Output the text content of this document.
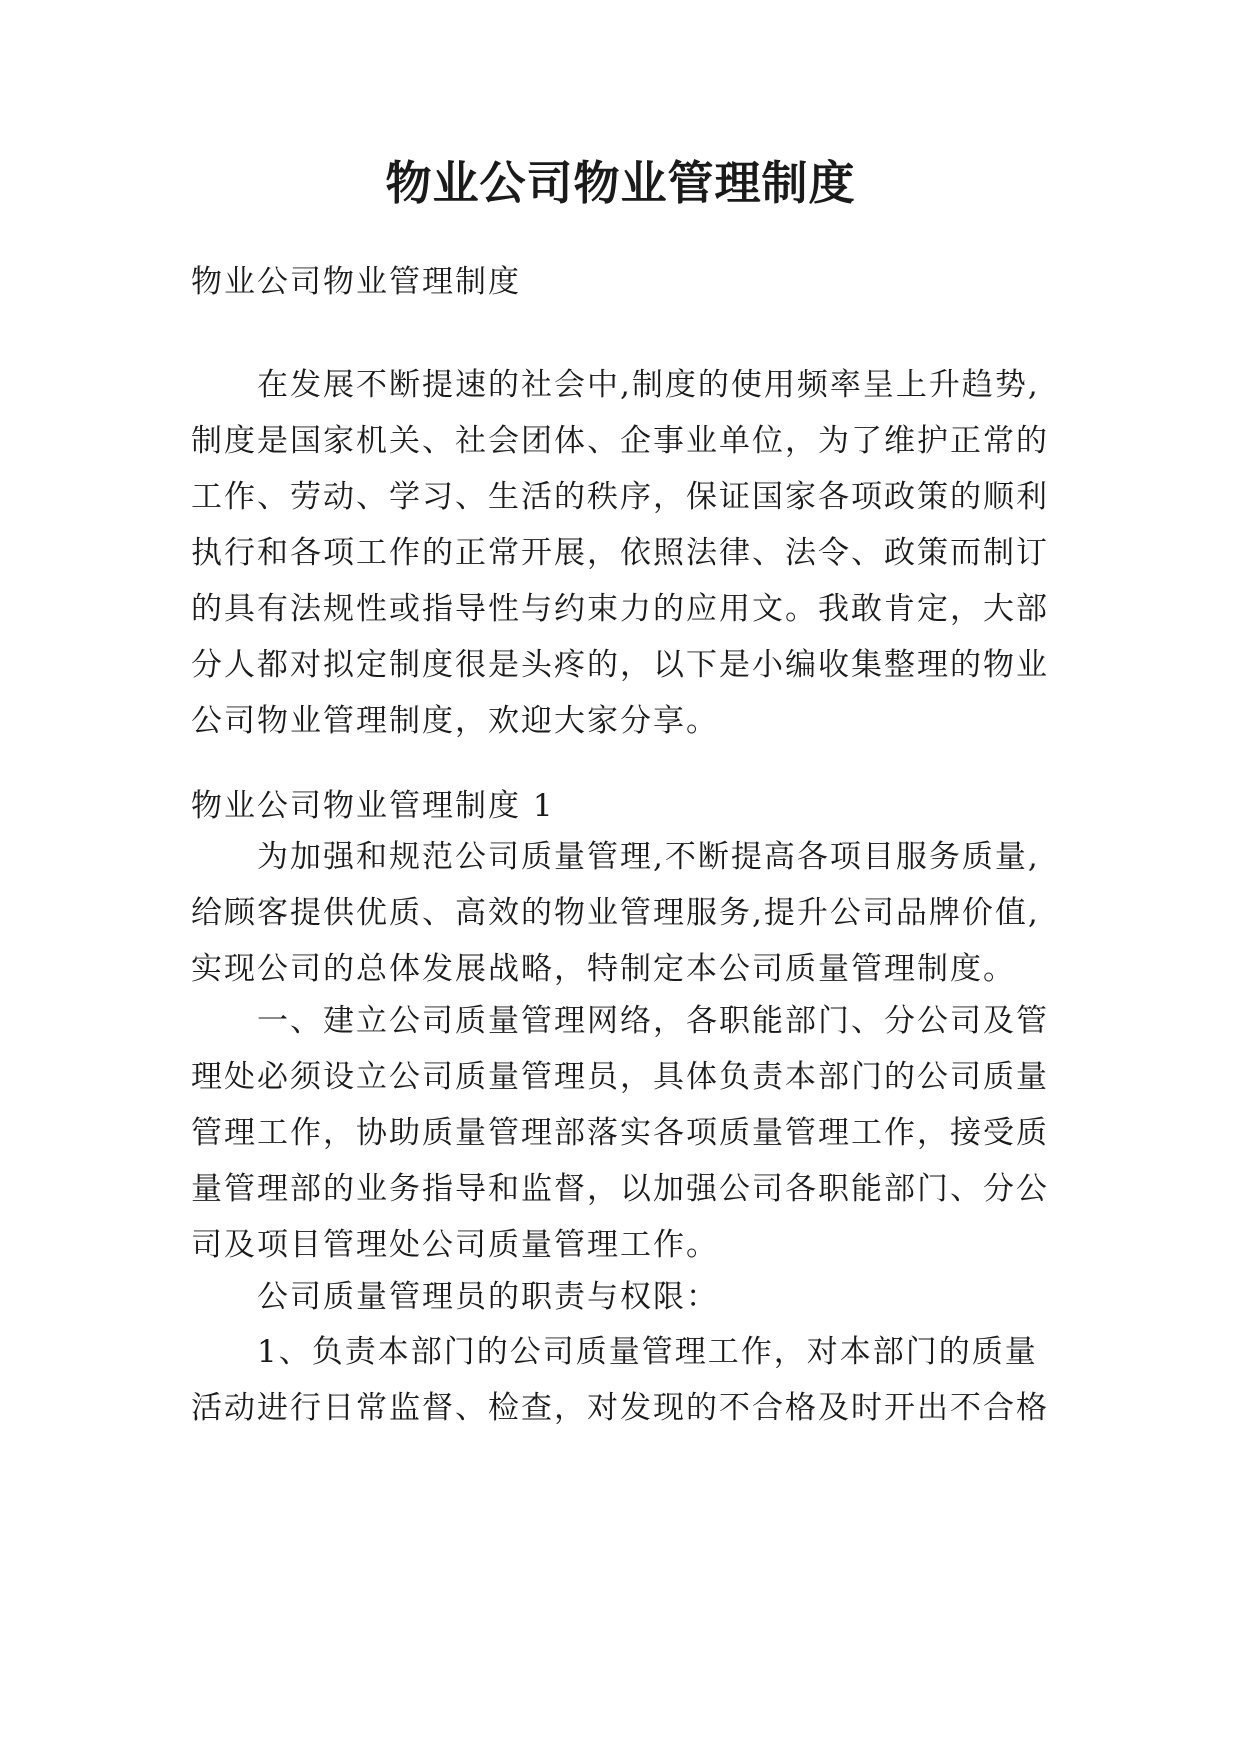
物业公司物业管理制度

物业公司物业管理制度

在发展不断提速的社会中,制度的使用频率呈上升趋势,制度是国家机关、社会团体、企事业单位，为了维护正常的工作、劳动、学习、生活的秩序，保证国家各项政策的顺利执行和各项工作的正常开展，依照法律、法令、政策而制订的具有法规性或指导性与约束力的应用文。我敢肯定，大部分人都对拟定制度很是头疼的，以下是小编收集整理的物业公司物业管理制度，欢迎大家分享。

物业公司物业管理制度 1

为加强和规范公司质量管理,不断提高各项目服务质量,给顾客提供优质、高效的物业管理服务,提升公司品牌价值,实现公司的总体发展战略，特制定本公司质量管理制度。

一、建立公司质量管理网络，各职能部门、分公司及管理处必须设立公司质量管理员，具体负责本部门的公司质量管理工作，协助质量管理部落实各项质量管理工作，接受质量管理部的业务指导和监督，以加强公司各职能部门、分公司及项目管理处公司质量管理工作。

公司质量管理员的职责与权限：

1、负责本部门的公司质量管理工作，对本部门的质量活动进行日常监督、检查，对发现的不合格及时开出不合格
